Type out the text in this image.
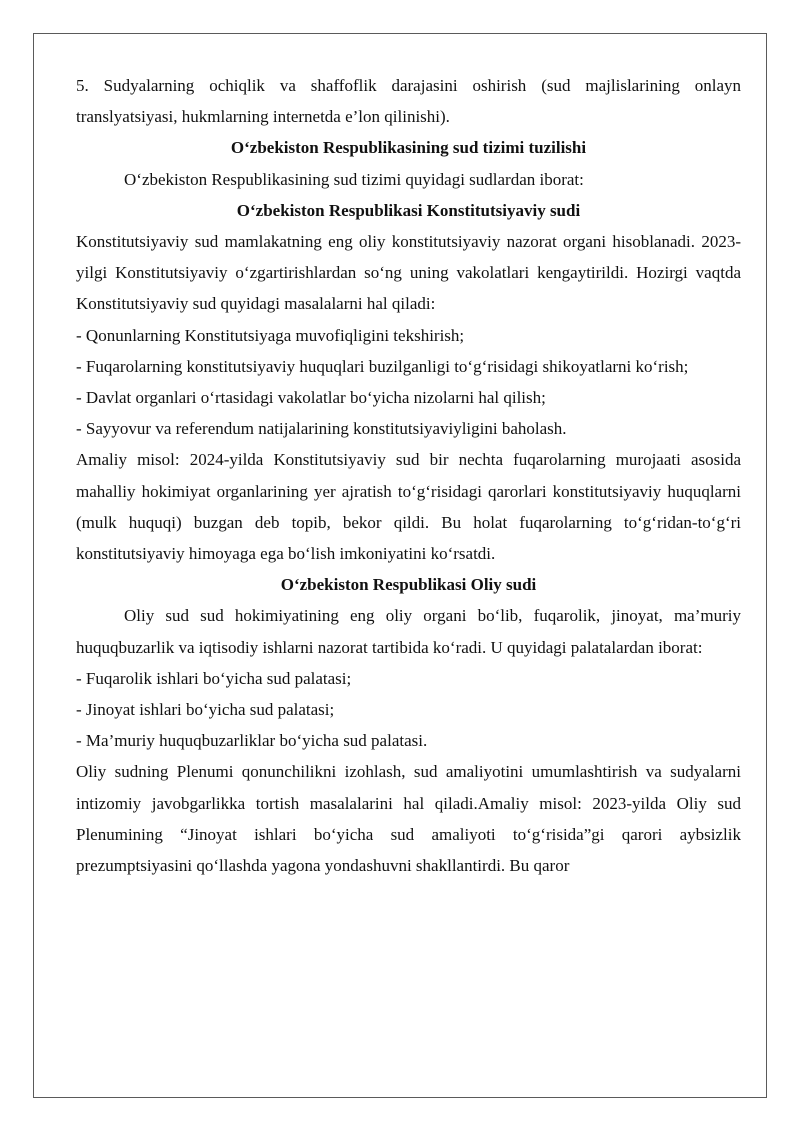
5. Sudyalarning ochiqlik va shaffoflik darajasini oshirish (sud majlislarining onlayn translyatsiyasi, hukmlarning internetda e’lon qilinishi).

O‘zbekiston Respublikasining sud tizimi tuzilishi

O‘zbekiston Respublikasining sud tizimi quyidagi sudlardan iborat:

O‘zbekiston Respublikasi Konstitutsiyaviy sudi

Konstitutsiyaviy sud mamlakatning eng oliy konstitutsiyaviy nazorat organi hisoblanadi. 2023-yilgi Konstitutsiyaviy o‘zgartirishlardan so‘ng uning vakolatlari kengaytirildi. Hozirgi vaqtda Konstitutsiyaviy sud quyidagi masalalarni hal qiladi:

- Qonunlarning Konstitutsiyaga muvofiqligini tekshirish;

- Fuqarolarning konstitutsiyaviy huquqlari buzilganligi to‘g‘risidagi shikoyatlarni ko‘rish;

- Davlat organlari o‘rtasidagi vakolatlar bo‘yicha nizolarni hal qilish;

- Sayyovur va referendum natijalarining konstitutsiyaviyligini baholash.

Amaliy misol: 2024-yilda Konstitutsiyaviy sud bir nechta fuqarolarning murojaati asosida mahalliy hokimiyat organlarining yer ajratish to‘g‘risidagi qarorlari konstitutsiyaviy huquqlarni (mulk huquqi) buzgan deb topib, bekor qildi. Bu holat fuqarolarning to‘g‘ridan-to‘g‘ri konstitutsiyaviy himoyaga ega bo‘lish imkoniyatini ko‘rsatdi.

O‘zbekiston Respublikasi Oliy sudi

Oliy sud sud hokimiyatining eng oliy organi bo‘lib, fuqarolik, jinoyat, ma’muriy huquqbuzarlik va iqtisodiy ishlarni nazorat tartibida ko‘radi. U quyidagi palatalardan iborat:

- Fuqarolik ishlari bo‘yicha sud palatasi;

- Jinoyat ishlari bo‘yicha sud palatasi;

- Ma’muriy huquqbuzarliklar bo‘yicha sud palatasi.

Oliy sudning Plenumi qonunchilikni izohlash, sud amaliyotini umumlashtirish va sudyalarni intizomiy javobgarlikka tortish masalalarini hal qiladi.Amaliy misol: 2023-yilda Oliy sud Plenumining “Jinoyat ishlari bo‘yicha sud amaliyoti to‘g‘risida”gi qarori aybsizlik prezumptsiyasini qo‘llashda yagona yondashuvni shakllantirdi. Bu qaror
